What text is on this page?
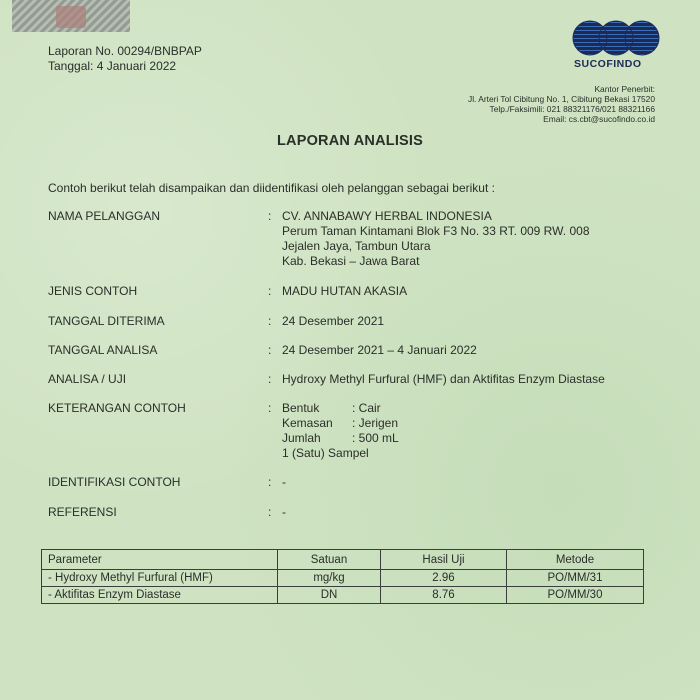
Laporan No. 00294/BNBPAP
Tanggal: 4 Januari 2022	SUCOFINDO
Kantor Penerbit:
Jl. Arteri Tol Cibitung No. 1, Cibitung Bekasi 17520
Telp./Faksimili: 021 88321176/021 88321166
Email: cs.cbt@sucofindo.co.id
LAPORAN ANALISIS
Contoh berikut telah disampaikan dan diidentifikasi oleh pelanggan sebagai berikut :
NAMA PELANGGAN	: CV. ANNABAWY HERBAL INDONESIA
Perum Taman Kintamani Blok F3 No. 33 RT. 009 RW. 008
Jejalen Jaya, Tambun Utara
Kab. Bekasi – Jawa Barat
JENIS CONTOH	: MADU HUTAN AKASIA
TANGGAL DITERIMA	: 24 Desember 2021
TANGGAL ANALISA	: 24 Desember 2021 – 4 Januari 2022
ANALISA / UJI	: Hydroxy Methyl Furfural (HMF) dan Aktifitas Enzym Diastase
KETERANGAN CONTOH	: Bentuk	: Cair
Kemasan : Jerigen
Jumlah	: 500 mL
1 (Satu) Sampel
IDENTIFIKASI CONTOH	: -
REFERENSI	: -
Parameter	Satuan	Hasil Uji	Metode
- Hydroxy Methyl Furfural (HMF)	mg/kg	2.96	PO/MM/31
- Aktifitas Enzym Diastase	DN	8.76	PO/MM/30
